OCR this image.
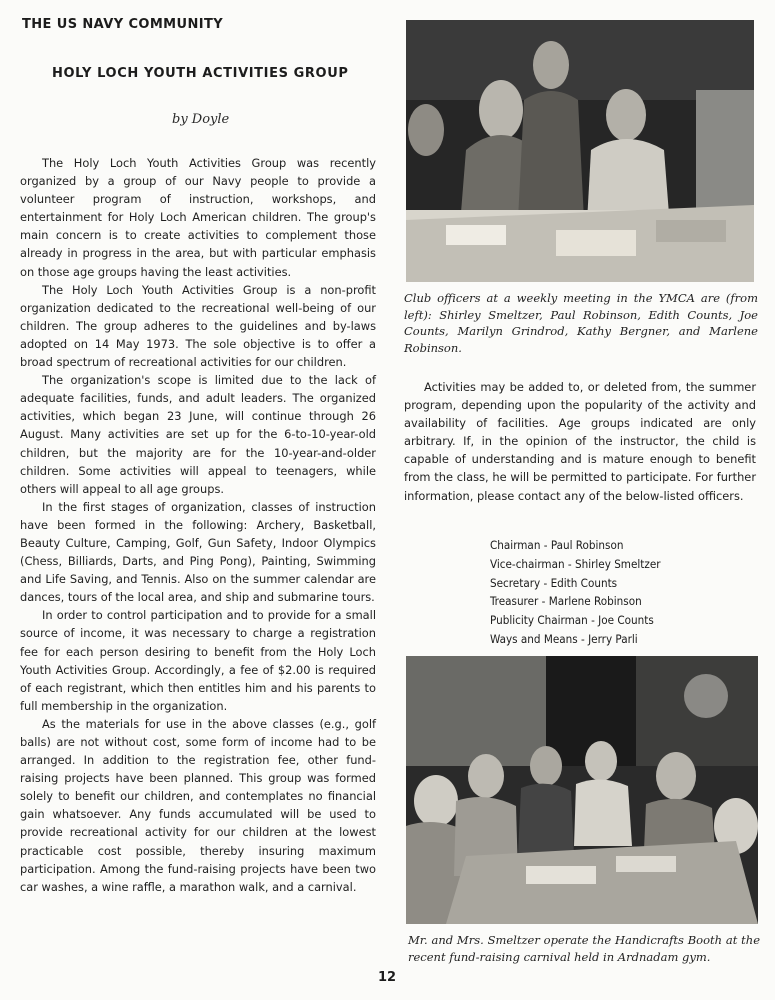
THE US NAVY COMMUNITY
HOLY LOCH YOUTH ACTIVITIES GROUP
by Doyle

The Holy Loch Youth Activities Group was recently organized by a group of our Navy people to provide a volunteer program of instruction, workshops, and entertainment for Holy Loch American children. The group's main concern is to create activities to complement those already in progress in the area, but with particular emphasis on those age groups having the least activities.

The Holy Loch Youth Activities Group is a non-profit organization dedicated to the recreational well-being of our children. The group adheres to the guidelines and by-laws adopted on 14 May 1973. The sole objective is to offer a broad spectrum of recreational activities for our children.

The organization's scope is limited due to the lack of adequate facilities, funds, and adult leaders. The organized activities, which began 23 June, will continue through 26 August. Many activities are set up for the 6-to-10-year-old children, but the majority are for the 10-year-and-older children. Some activities will appeal to teenagers, while others will appeal to all age groups.

In the first stages of organization, classes of instruction have been formed in the following: Archery, Basketball, Beauty Culture, Camping, Golf, Gun Safety, Indoor Olympics (Chess, Billiards, Darts, and Ping Pong), Painting, Swimming and Life Saving, and Tennis. Also on the summer calendar are dances, tours of the local area, and ship and submarine tours.

In order to control participation and to provide for a small source of income, it was necessary to charge a registration fee for each person desiring to benefit from the Holy Loch Youth Activities Group. Accordingly, a fee of $2.00 is required of each registrant, which then entitles him and his parents to full membership in the organization.

As the materials for use in the above classes (e.g., golf balls) are not without cost, some form of income had to be arranged. In addition to the registration fee, other fund-raising projects have been planned. This group was formed solely to benefit our children, and contemplates no financial gain whatsoever. Any funds accumulated will be used to provide recreational activity for our children at the lowest practicable cost possible, thereby insuring maximum participation. Among the fund-raising projects have been two car washes, a wine raffle, a marathon walk, and a carnival.

Club officers at a weekly meeting in the YMCA are (from left): Shirley Smeltzer, Paul Robinson, Edith Counts, Joe Counts, Marilyn Grindrod, Kathy Bergner, and Marlene Robinson.

Activities may be added to, or deleted from, the summer program, depending upon the popularity of the activity and availability of facilities. Age groups indicated are only arbitrary. If, in the opinion of the instructor, the child is capable of understanding and is mature enough to benefit from the class, he will be permitted to participate. For further information, please contact any of the below-listed officers.

Chairman - Paul Robinson
Vice-chairman - Shirley Smeltzer
Secretary - Edith Counts
Treasurer - Marlene Robinson
Publicity Chairman - Joe Counts
Ways and Means - Jerry Parli
Mr. and Mrs. Smeltzer operate the Handicrafts Booth at the recent fund-raising carnival held in Ardnadam gym.
12
